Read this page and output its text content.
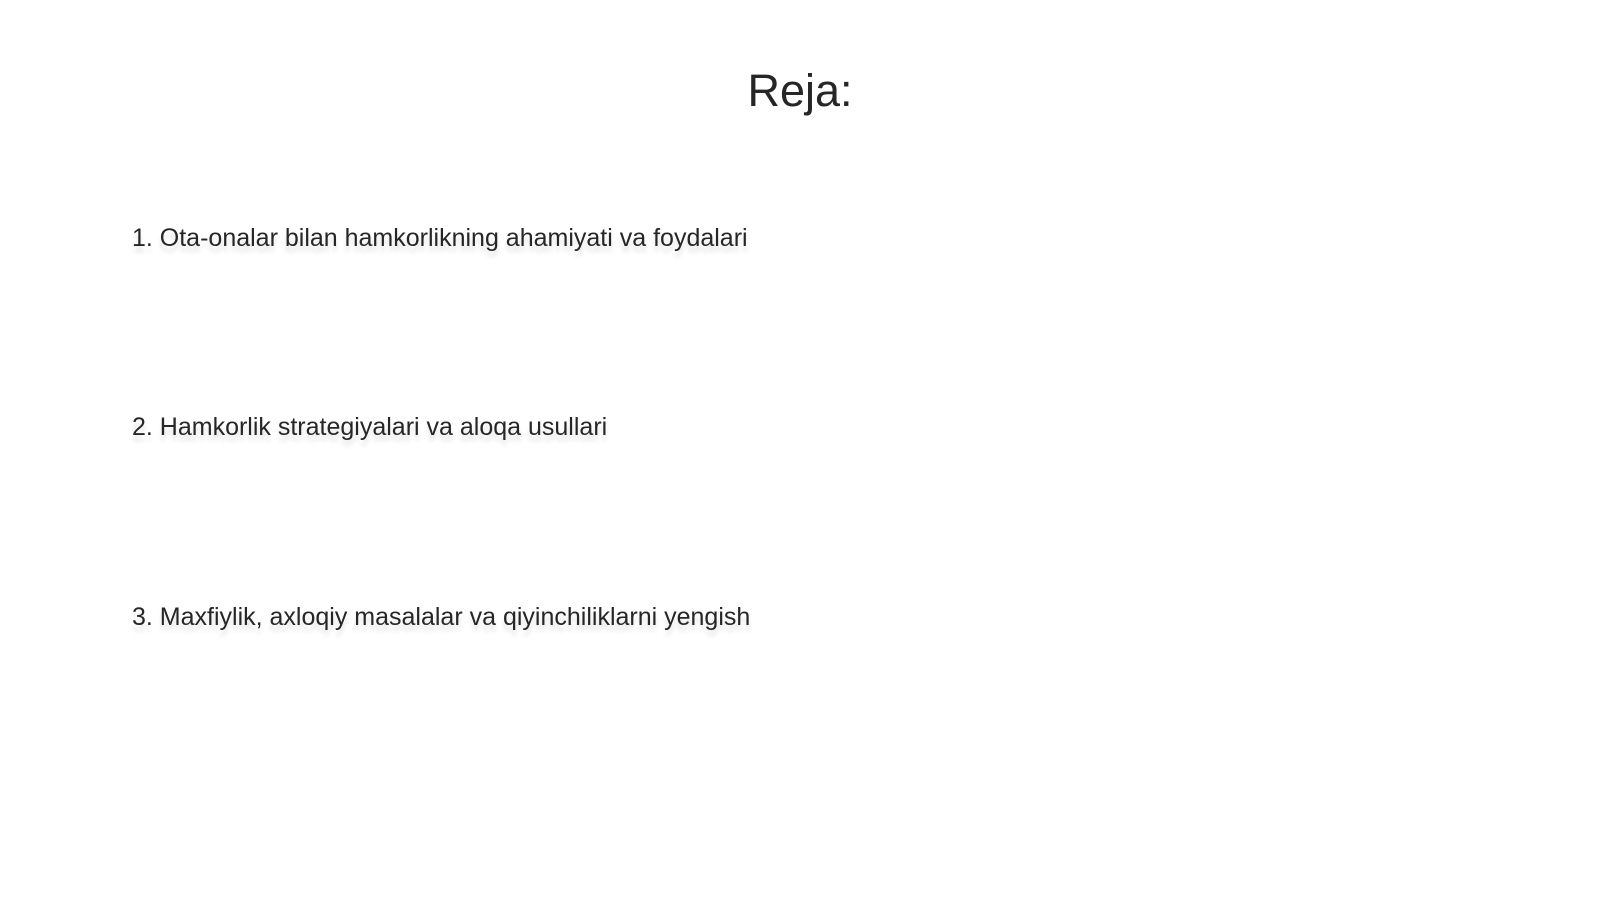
Reja:
1. Ota-onalar bilan hamkorlikning ahamiyati va foydalari
2. Hamkorlik strategiyalari va aloqa usullari
3. Maxfiylik, axloqiy masalalar va qiyinchiliklarni yengish
